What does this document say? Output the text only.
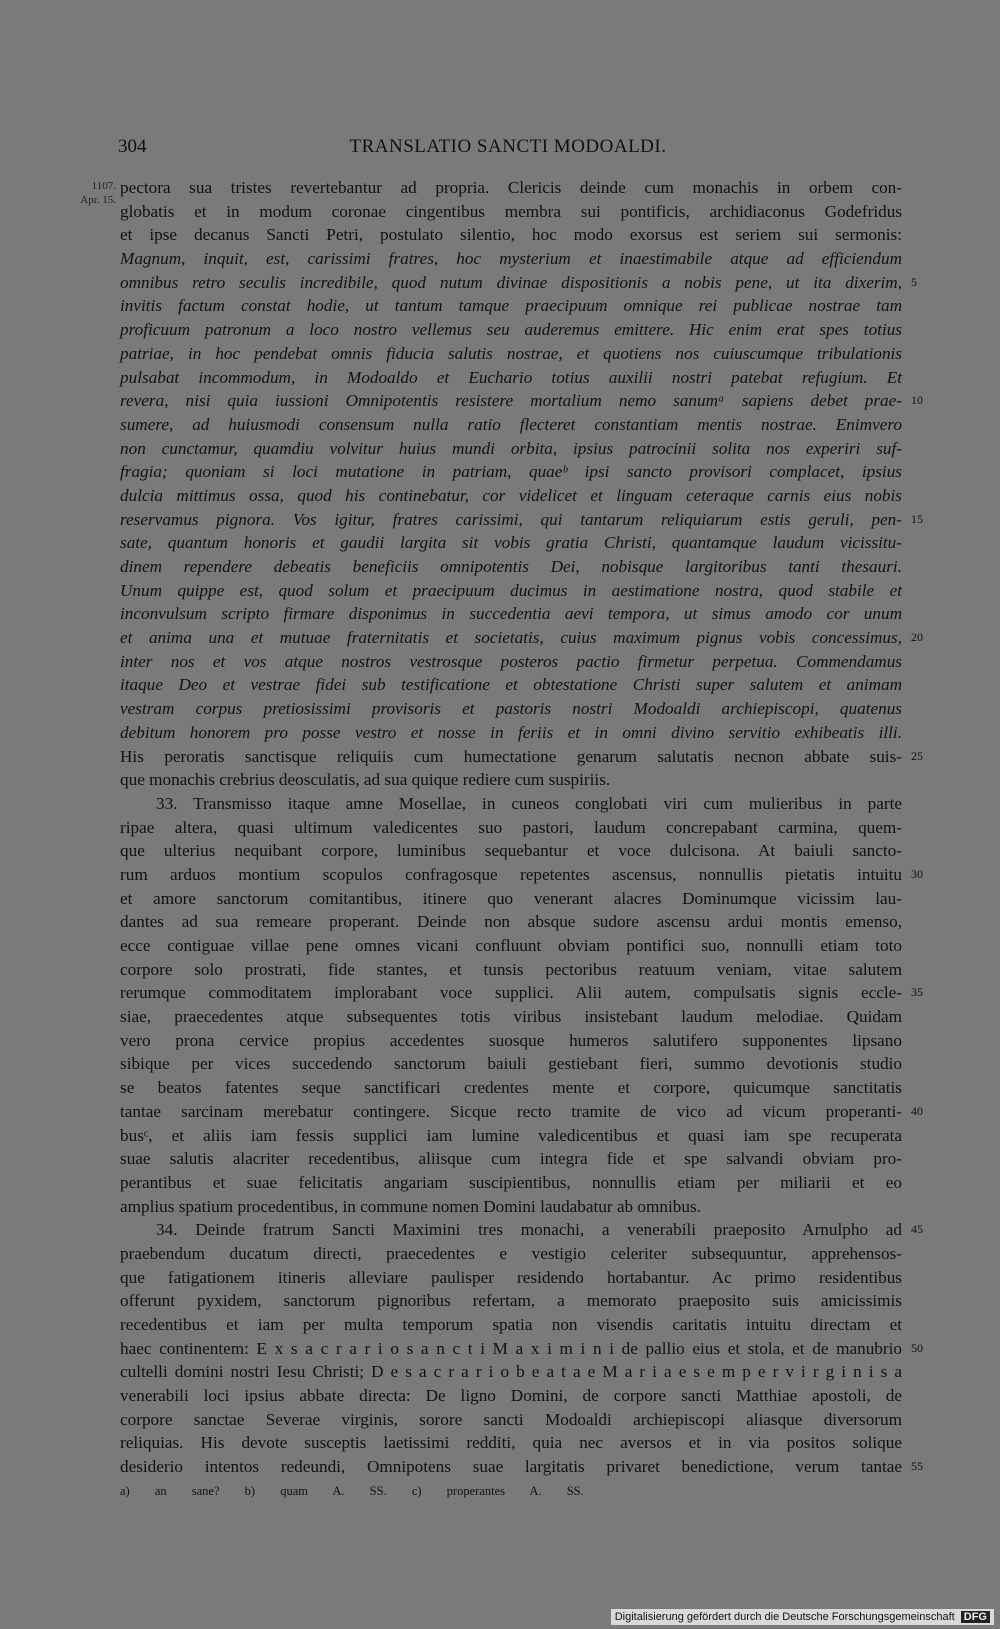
304	TRANSLATIO SANCTI MODOALDI.
1107.
Apr. 15.
pectora sua tristes revertebantur ad propria. Clericis deinde cum monachis in orbem con-
globatis et in modum coronae cingentibus membra sui pontificis, archidiaconus Godefridus
et ipse decanus Sancti Petri, postulato silentio, hoc modo exorsus est seriem sui sermonis:
Magnum, inquit, est, carissimi fratres, hoc mysterium et inaestimabile atque ad efficiendum
omnibus retro seculis incredibile, quod nutum divinae dispositionis a nobis pene, ut ita dixerim, 5
invitis factum constat hodie, ut tantum tamque praecipuum omnique rei publicae nostrae tam
proficuum patronum a loco nostro vellemus seu auderemus emittere. Hic enim erat spes totius
patriae, in hoc pendebat omnis fiducia salutis nostrae, et quotiens nos cuiuscumque tribulationis
pulsabat incommodum, in Modoaldo et Euchario totius auxilii nostri patebat refugium. Et
revera, nisi quia iussioni Omnipotentis resistere mortalium nemo sanumᵃ sapiens debet prae- 10
sumere, ad huiusmodi consensum nulla ratio flecteret constantiam mentis nostrae. Enimvero
non cunctamur, quamdiu volvitur huius mundi orbita, ipsius patrocinii solita nos experiri suf-
fragia; quoniam si loci mutatione in patriam, quaeᵇ ipsi sancto provisori complacet, ipsius
dulcia mittimus ossa, quod his continebatur, cor videlicet et linguam ceteraque carnis eius nobis
reservamus pignora. Vos igitur, fratres carissimi, qui tantarum reliquiarum estis geruli, pen- 15
sate, quantum honoris et gaudii largita sit vobis gratia Christi, quantamque laudum vicissitu-
dinem rependere debeatis beneficiis omnipotentis Dei, nobisque largitoribus tanti thesauri.
Unum quippe est, quod solum et praecipuum ducimus in aestimatione nostra, quod stabile et
inconvulsum scripto firmare disponimus in succedentia aevi tempora, ut simus amodo cor unum
et anima una et mutuae fraternitatis et societatis, cuius maximum pignus vobis concessimus, 20
inter nos et vos atque nostros vestrosque posteros pactio firmetur perpetua. Commendamus
itaque Deo et vestrae fidei sub testificatione et obtestatione Christi super salutem et animam
vestram corpus pretiosissimi provisoris et pastoris nostri Modoaldi archiepiscopi, quatenus
debitum honorem pro posse vestro et nosse in feriis et in omni divino servitio exhibeatis illi.
His peroratis sanctisque reliquiis cum humectatione genarum salutatis necnon abbate suis- 25
que monachis crebrius deosculatis, ad sua quique rediere cum suspiriis.
33. Transmisso itaque amne Mosellae, in cuneos conglobati viri cum mulieribus in parte
ripae altera, quasi ultimum valedicentes suo pastori, laudum concrepabant carmina, quem-
que ulterius nequibant corpore, luminibus sequebantur et voce dulcisona. At baiuli sancto-
rum arduos montium scopulos confragosque repetentes ascensus, nonnullis pietatis intuitu 30
et amore sanctorum comitantibus, itinere quo venerant alacres Dominumque vicissim lau-
dantes ad sua remeare properant. Deinde non absque sudore ascensu ardui montis emenso,
ecce contiguae villae pene omnes vicani confluunt obviam pontifici suo, nonnulli etiam toto
corpore solo prostrati, fide stantes, et tunsis pectoribus reatuum veniam, vitae salutem
rerumque commoditatem implorabant voce supplici. Alii autem, compulsatis signis eccle- 35
siae, praecedentes atque subsequentes totis viribus insistebant laudum melodiae. Quidam
vero prona cervice propius accedentes suosque humeros salutifero supponentes lipsano
sibique per vices succedendo sanctorum baiuli gestiebant fieri, summo devotionis studio
se beatos fatentes seque sanctificari credentes mente et corpore, quicumque sanctitatis
tantae sarcinam merebatur contingere. Sicque recto tramite de vico ad vicum properanti- 40
busᶜ, et aliis iam fessis supplici iam lumine valedicentibus et quasi iam spe recuperata
suae salutis alacriter recedentibus, aliisque cum integra fide et spe salvandi obviam pro-
perantibus et suae felicitatis angariam suscipientibus, nonnullis etiam per miliarii et eo
amplius spatium procedentibus, in commune nomen Domini laudabatur ab omnibus.
34. Deinde fratrum Sancti Maximini tres monachi, a venerabili praeposito Arnulpho ad 45
praebendum ducatum directi, praecedentes e vestigio celeriter subsequuntur, apprehensos-
que fatigationem itineris alleviare paulisper residendo hortabantur. Ac primo residentibus
offerunt pyxidem, sanctorum pignoribus refertam, a memorato praeposito suis amicissimis
recedentibus et iam per multa temporum spatia non visendis caritatis intuitu directam et
haec continentem: E x s a c r a r i o s a n c t i M a x i m i n i de pallio eius et stola, et de manubrio 50
cultelli domini nostri Iesu Christi; D e s a c r a r i o b e a t a e M a r i a e s e m p e r v i r g i n i s a
venerabili loci ipsius abbate directa: De ligno Domini, de corpore sancti Matthiae apostoli, de
corpore sanctae Severae virginis, sorore sancti Modoaldi archiepiscopi aliasque diversorum
reliquias. His devote susceptis laetissimi redditi, quia nec aversos et in via positos solique
desiderio intentos redeundi, Omnipotens suae largitatis privaret benedictione, verum tantae 55
a) an sane? b) quam A. SS. c) properantes A. SS.
Digitalisierung gefördert durch die Deutsche Forschungsgemeinschaft DFG
